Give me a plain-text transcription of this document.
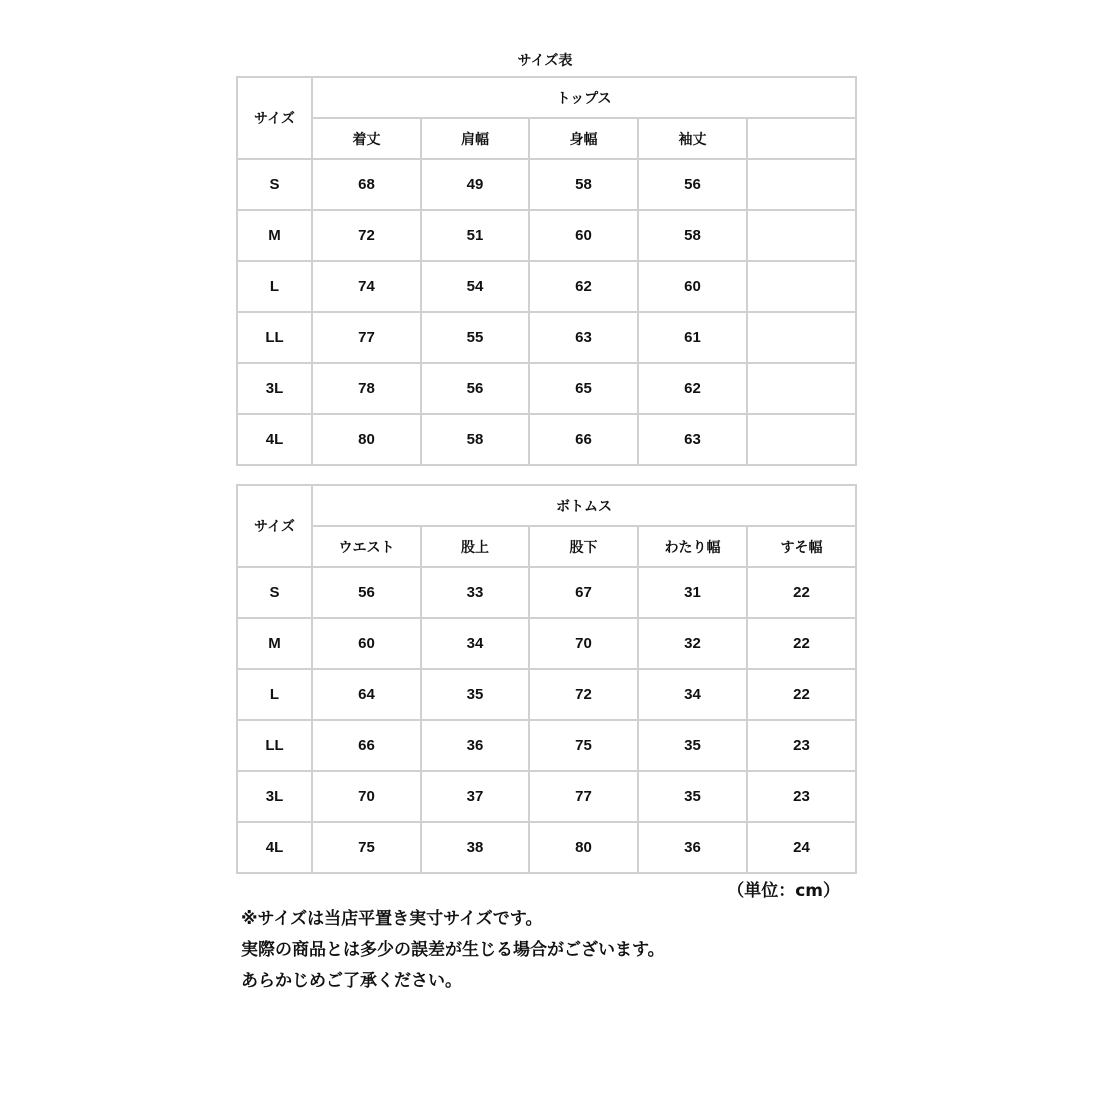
サイズ表
サイズ	トップス				
	着丈	肩幅	身幅	袖丈	
S	68	49	58	56	
M	72	51	60	58	
L	74	54	62	60	
LL	77	55	63	61	
3L	78	56	65	62	
4L	80	58	66	63	
サイズ	ボトムス				
	ウエスト	股上	股下	わたり幅	すそ幅
S	56	33	67	31	22
M	60	34	70	32	22
L	64	35	72	34	22
LL	66	36	75	35	23
3L	70	37	77	35	23
4L	75	38	80	36	24
（単位：cm）
※サイズは当店平置き実寸サイズです。
実際の商品とは多少の誤差が生じる場合がございます。
あらかじめご了承ください。
